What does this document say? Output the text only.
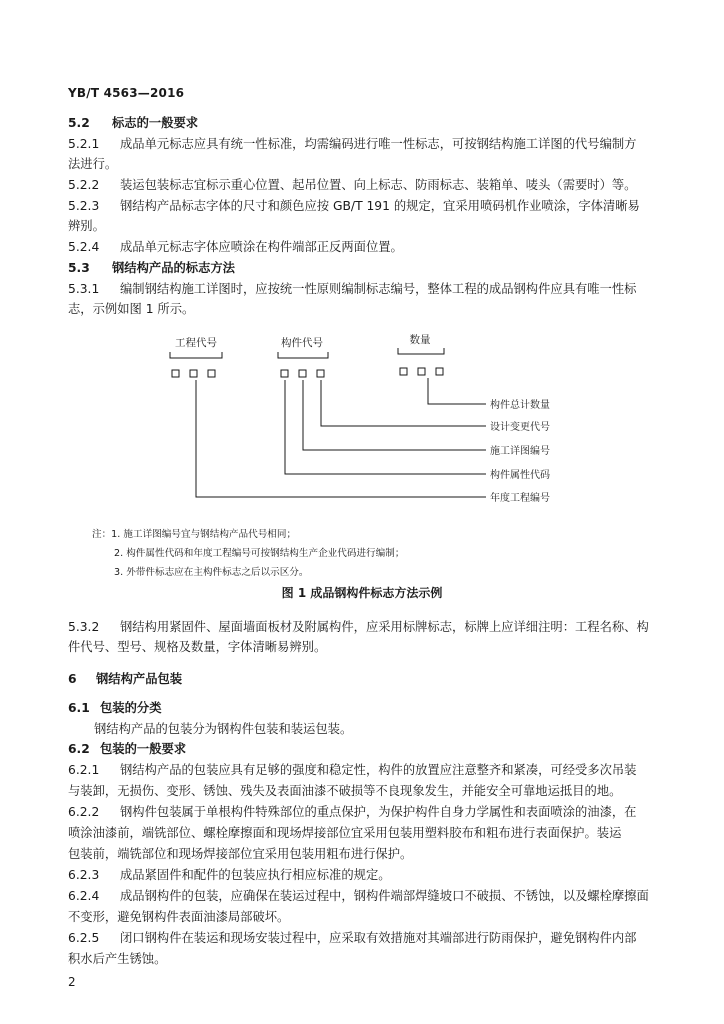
YB/T 4563—2016
5.2 标志的一般要求
5.2.1 成品单元标志应具有统一性标准，均需编码进行唯一性标志，可按钢结构施工详图的代号编制方
法进行。
5.2.2 装运包装标志宜标示重心位置、起吊位置、向上标志、防雨标志、装箱单、唛头（需要时）等。
5.2.3 钢结构产品标志字体的尺寸和颜色应按 GB/T 191 的规定，宜采用喷码机作业喷涂，字体清晰易
辨别。
5.2.4 成品单元标志字体应喷涂在构件端部正反两面位置。
5.3 钢结构产品的标志方法
5.3.1 编制钢结构施工详图时，应按统一性原则编制标志编号，整体工程的成品钢构件应具有唯一性标
志，示例如图 1 所示。
工程代号	构件代号	数量
构件总计数量
设计变更代号
施工详图编号
构件属性代码
年度工程编号
注：1. 施工详图编号宜与钢结构产品代号相同；
2. 构件属性代码和年度工程编号可按钢结构生产企业代码进行编制；
3. 外带件标志应在主构件标志之后以示区分。
图 1 成品钢构件标志方法示例
5.3.2 钢结构用紧固件、屋面墙面板材及附属构件，应采用标牌标志，标牌上应详细注明：工程名称、构
件代号、型号、规格及数量，字体清晰易辨别。
6 钢结构产品包装
6.1 包装的分类
钢结构产品的包装分为钢构件包装和装运包装。
6.2 包装的一般要求
6.2.1 钢结构产品的包装应具有足够的强度和稳定性，构件的放置应注意整齐和紧凑，可经受多次吊装
与装卸，无损伤、变形、锈蚀、残失及表面油漆不破损等不良现象发生，并能安全可靠地运抵目的地。
6.2.2 钢构件包装属于单根构件特殊部位的重点保护，为保护构件自身力学属性和表面喷涂的油漆，在
喷涂油漆前，端铣部位、螺栓摩擦面和现场焊接部位宜采用包装用塑料胶布和粗布进行表面保护。装运
包装前，端铣部位和现场焊接部位宜采用包装用粗布进行保护。
6.2.3 成品紧固件和配件的包装应执行相应标准的规定。
6.2.4 成品钢构件的包装，应确保在装运过程中，钢构件端部焊缝坡口不破损、不锈蚀，以及螺栓摩擦面
不变形，避免钢构件表面油漆局部破坏。
6.2.5 闭口钢构件在装运和现场安装过程中，应采取有效措施对其端部进行防雨保护，避免钢构件内部
积水后产生锈蚀。
2
